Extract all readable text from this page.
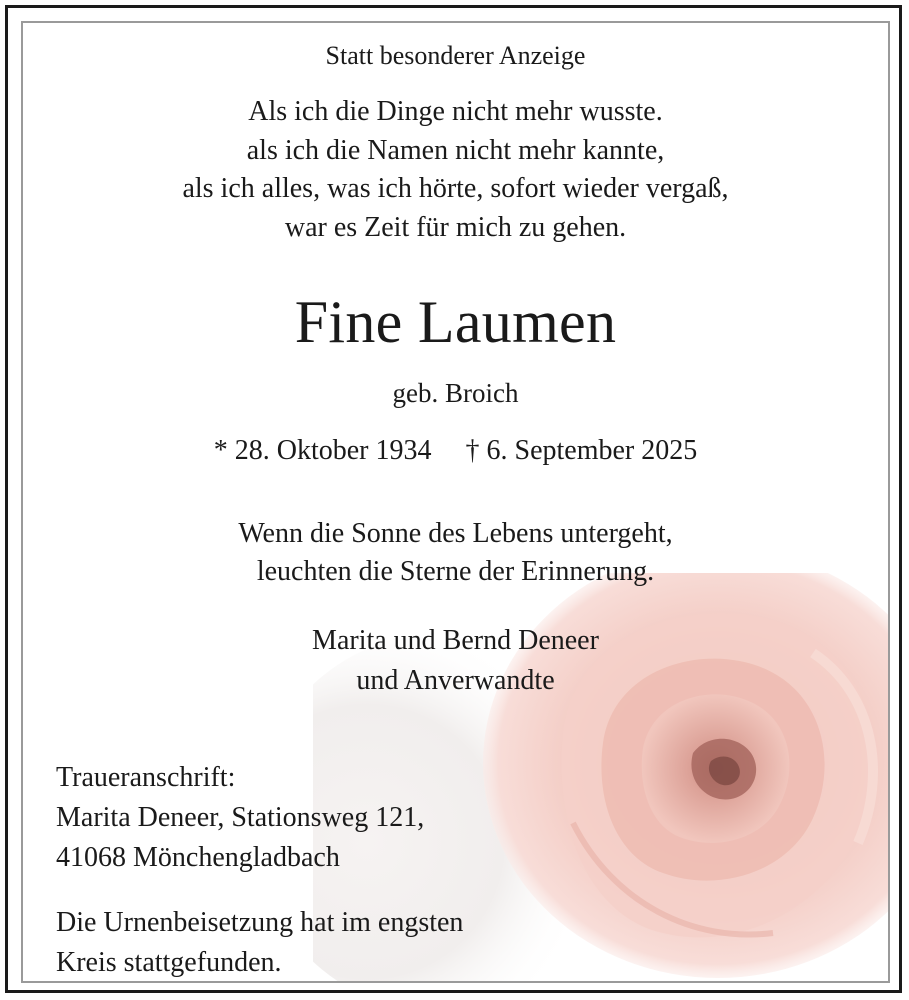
Statt besonderer Anzeige
Als ich die Dinge nicht mehr wusste.
als ich die Namen nicht mehr kannte,
als ich alles, was ich hörte, sofort wieder vergaß,
war es Zeit für mich zu gehen.
Fine Laumen
geb. Broich
* 28. Oktober 1934 † 6. September 2025
Wenn die Sonne des Lebens untergeht,
leuchten die Sterne der Erinnerung.
Marita und Bernd Deneer
und Anverwandte
Traueranschrift:
Marita Deneer, Stationsweg 121,
41068 Mönchengladbach
Die Urnenbeisetzung hat im engsten
Kreis stattgefunden.
